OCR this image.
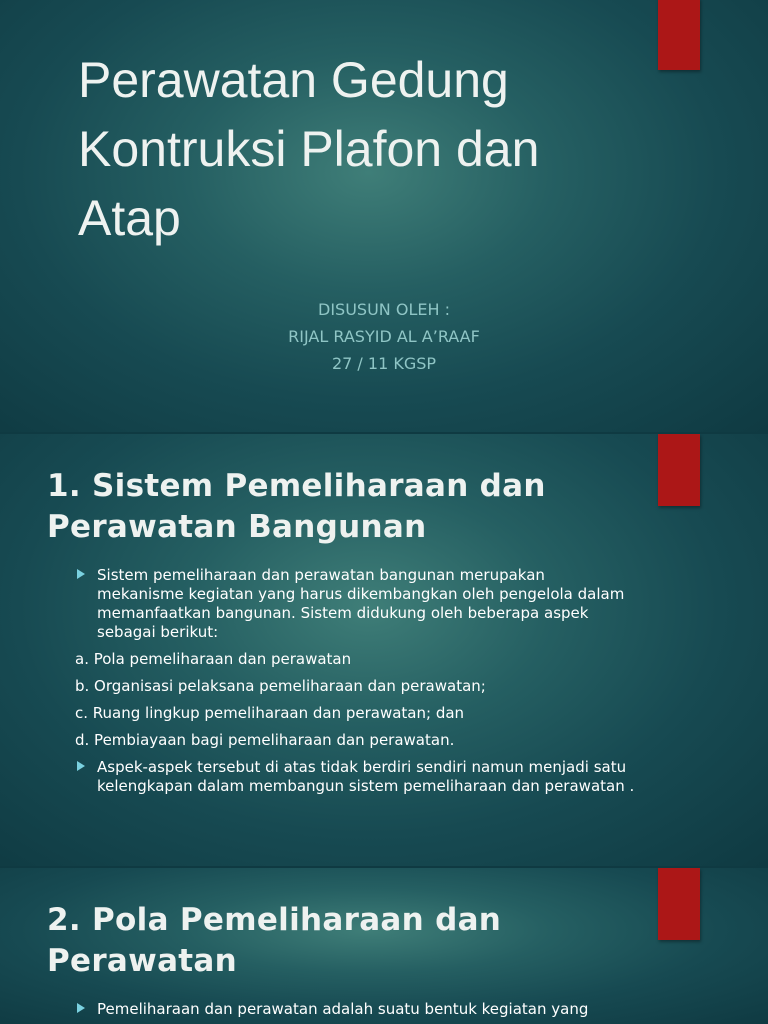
Perawatan Gedung Kontruksi Plafon dan Atap
DISUSUN OLEH :
RIJAL RASYID AL A’RAAF
27 / 11 KGSP
1. Sistem Pemeliharaan dan Perawatan Bangunan
Sistem pemeliharaan dan perawatan bangunan merupakan mekanisme kegiatan yang harus dikembangkan oleh pengelola dalam memanfaatkan bangunan. Sistem didukung oleh beberapa aspek sebagai berikut:
a. Pola pemeliharaan dan perawatan
b. Organisasi pelaksana pemeliharaan dan perawatan;
c. Ruang lingkup pemeliharaan dan perawatan; dan
d. Pembiayaan bagi pemeliharaan dan perawatan.
Aspek-aspek tersebut di atas tidak berdiri sendiri namun menjadi satu kelengkapan dalam membangun sistem pemeliharaan dan perawatan .
2. Pola Pemeliharaan dan Perawatan
Pemeliharaan dan perawatan adalah suatu bentuk kegiatan yang
